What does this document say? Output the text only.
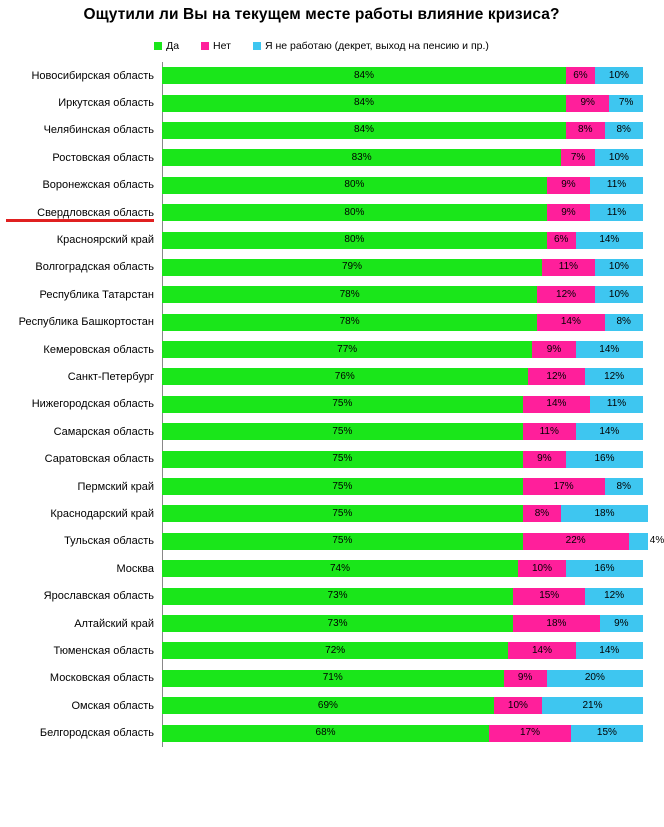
Ощутили ли Вы на текущем месте работы влияние кризиса?
Да	Нет	Я не работаю (декрет, выход на пенсию и пр.)
Новосибирская область	84%	6% 10%
Иркутская область	84%	9% 7%
Челябинская область	84%	8% 8%
Ростовская область	83%	7% 10%
Воронежская область	80%	9%	11%
Свердловская область	80%	9%	11%
Красноярский край	80%	6%	14%
Волгоградская область	79%	11%	10%
Республика Татарстан	78%	12%	10%
Республика Башкортостан	78%	14%	8%
Кемеровская область	77%	9%	14%
Санкт-Петербург	76%	12%	12%
Нижегородская область	75%	14%	11%
Самарская область	75%	11%	14%
Саратовская область	75%	9%	16%
Пермский край	75%	17%	8%
Краснодарский край	75%	8%	18%
Тульская область	75%	22%	4%
Москва	74%	10%	16%
Ярославская область	73%	15%	12%
Алтайский край	73%	18%	9%
Тюменская область	72%	14%	14%
Московская область	71%	9%	20%
Омская область	69%	10%	21%
Белгородская область	68%	17%	15%
